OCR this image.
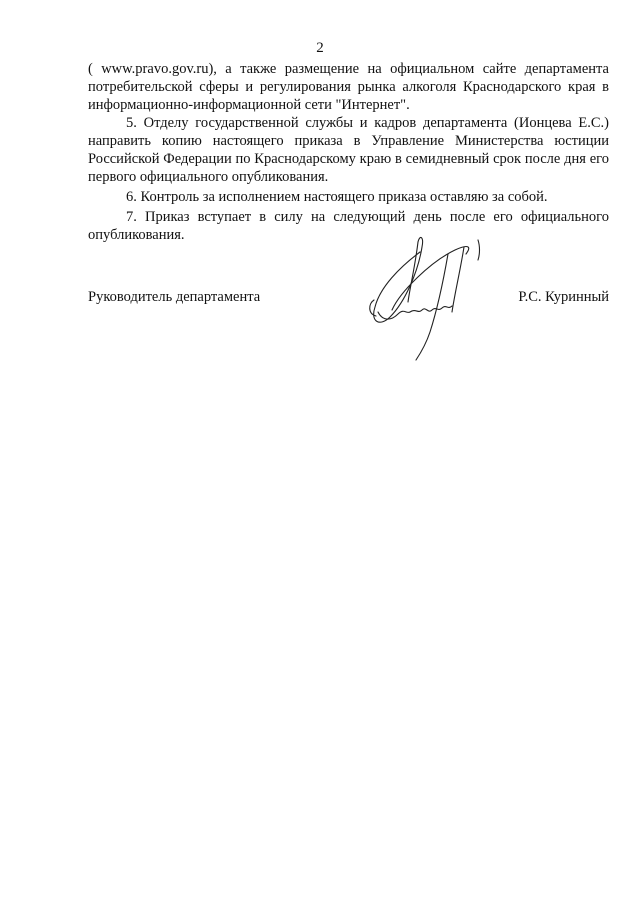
2

( www.pravo.gov.ru), а также размещение на официальном сайте департамента потребительской сферы и регулирования рынка алкоголя Краснодарского края в информационно-информационной сети "Интернет".

5. Отделу государственной службы и кадров департамента (Ионцева Е.С.) направить копию настоящего приказа в Управление Министерства юстиции Российской Федерации по Краснодарскому краю в семидневный срок после дня его первого официального опубликования.

6. Контроль за исполнением настоящего приказа оставляю за собой.

7. Приказ вступает в силу на следующий день после его официального опубликования.

Руководитель департамента	Р.С. Куринный
